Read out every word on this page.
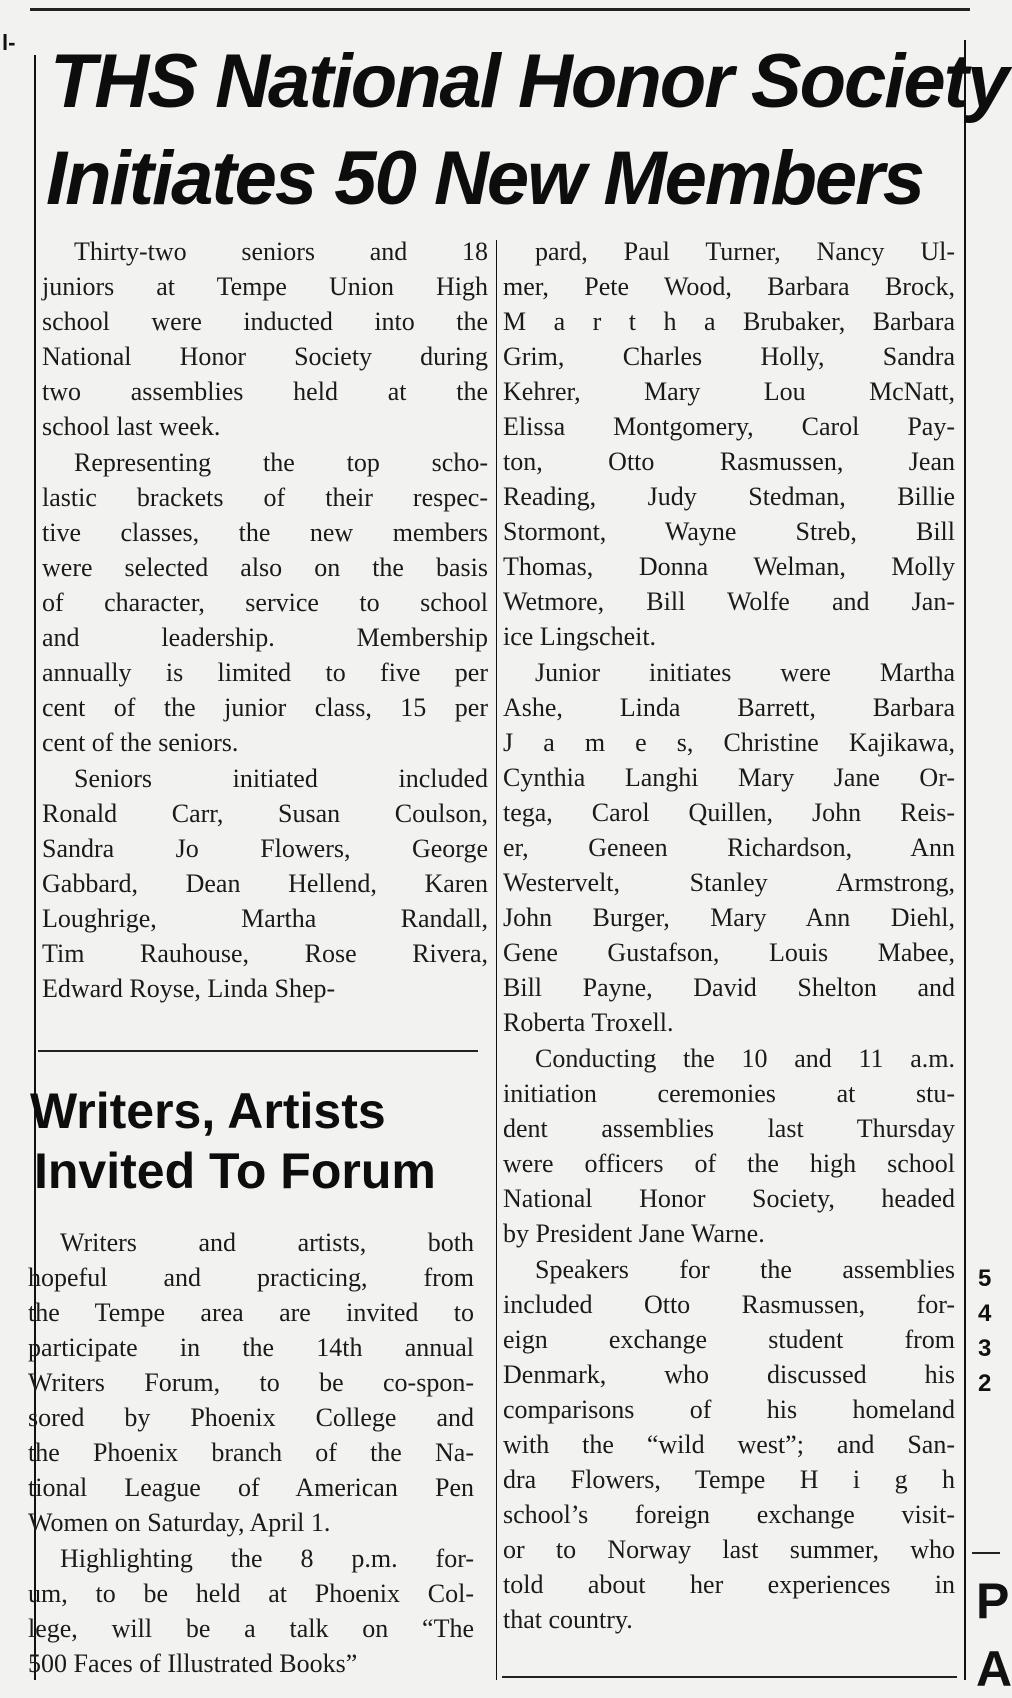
l-
5
4
3
2
P
A
THS National Honor Society
Initiates 50 New Members
Thirty-two seniors and 18
juniors at Tempe Union High
school were inducted into the
National Honor Society during
two assemblies held at the
school last week.
Representing the top scho-
lastic brackets of their respec-
tive classes, the new members
were selected also on the basis
of character, service to school
and leadership. Membership
annually is limited to five per
cent of the junior class, 15 per
cent of the seniors.
Seniors initiated included
Ronald Carr, Susan Coulson,
Sandra Jo Flowers, George
Gabbard, Dean Hellend, Karen
Loughrige, Martha Randall,
Tim Rauhouse, Rose Rivera,
Edward Royse, Linda Shep-
pard, Paul Turner, Nancy Ul-
mer, Pete Wood, Barbara Brock,
M a r t h a Brubaker, Barbara
Grim, Charles Holly, Sandra
Kehrer, Mary Lou McNatt,
Elissa Montgomery, Carol Pay-
ton, Otto Rasmussen, Jean
Reading, Judy Stedman, Billie
Stormont, Wayne Streb, Bill
Thomas, Donna Welman, Molly
Wetmore, Bill Wolfe and Jan-
ice Lingscheit.
Junior initiates were Martha
Ashe, Linda Barrett, Barbara
J a m e s, Christine Kajikawa,
Cynthia Langhi Mary Jane Or-
tega, Carol Quillen, John Reis-
er, Geneen Richardson, Ann
Westervelt, Stanley Armstrong,
John Burger, Mary Ann Diehl,
Gene Gustafson, Louis Mabee,
Bill Payne, David Shelton and
Roberta Troxell.
Conducting the 10 and 11 a.m.
initiation ceremonies at stu-
dent assemblies last Thursday
were officers of the high school
National Honor Society, headed
by President Jane Warne.
Speakers for the assemblies
included Otto Rasmussen, for-
eign exchange student from
Denmark, who discussed his
comparisons of his homeland
with the “wild west”; and San-
dra Flowers, Tempe H i g h
school’s foreign exchange visit-
or to Norway last summer, who
told about her experiences in
that country.
Writers, Artists
Invited To Forum
Writers and artists, both
hopeful and practicing, from
the Tempe area are invited to
participate in the 14th annual
Writers Forum, to be co-spon-
sored by Phoenix College and
the Phoenix branch of the Na-
tional League of American Pen
Women on Saturday, April 1.
Highlighting the 8 p.m. for-
um, to be held at Phoenix Col-
lege, will be a talk on “The
500 Faces of Illustrated Books”
